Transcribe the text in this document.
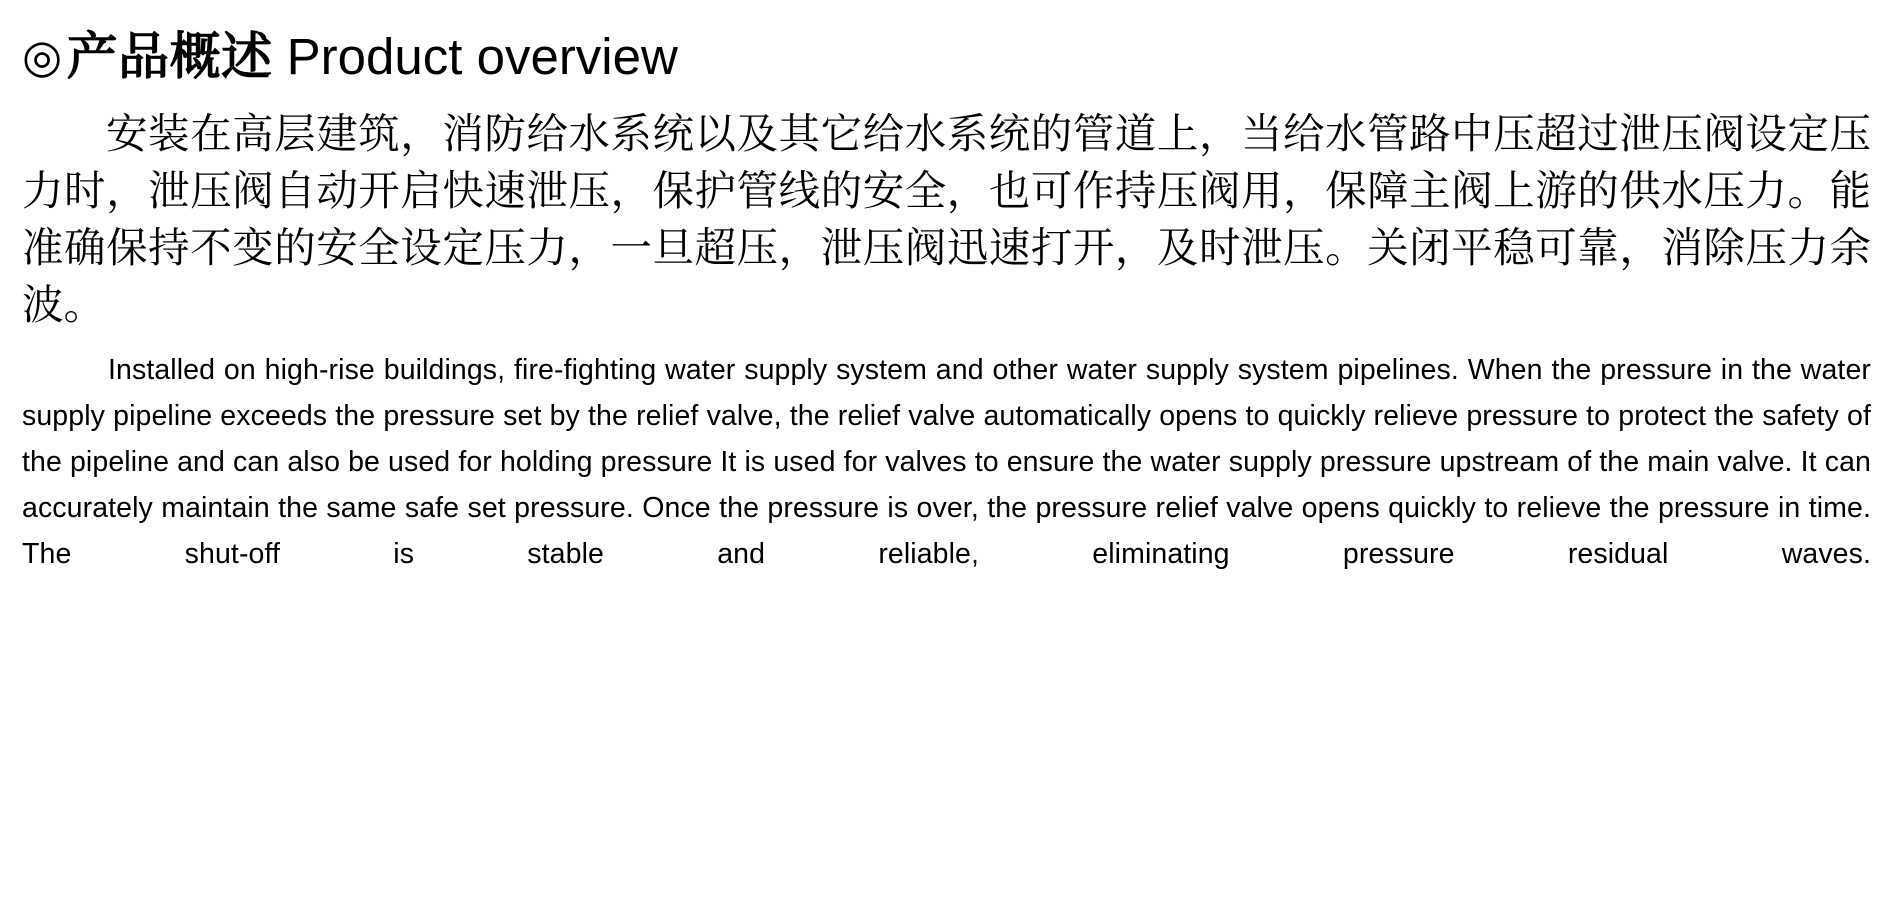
◎ 产品概述 Product overview

安装在高层建筑，消防给水系统以及其它给水系统的管道上，当给水管路中压超过泄压阀设定压力时，泄压阀自动开启快速泄压，保护管线的安全，也可作持压阀用，保障主阀上游的供水压力。能准确保持不变的安全设定压力，一旦超压，泄压阀迅速打开，及时泄压。关闭平稳可靠，消除压力余波。

Installed on high-rise buildings, fire-fighting water supply system and other water supply system pipelines. When the pressure in the water supply pipeline exceeds the pressure set by the relief valve, the relief valve automatically opens to quickly relieve pressure to protect the safety of the pipeline and can also be used for holding pressure It is used for valves to ensure the water supply pressure upstream of the main valve. It can accurately maintain the same safe set pressure. Once the pressure is over, the pressure relief valve opens quickly to relieve the pressure in time. The shut-off is stable and reliable, eliminating pressure residual waves.
